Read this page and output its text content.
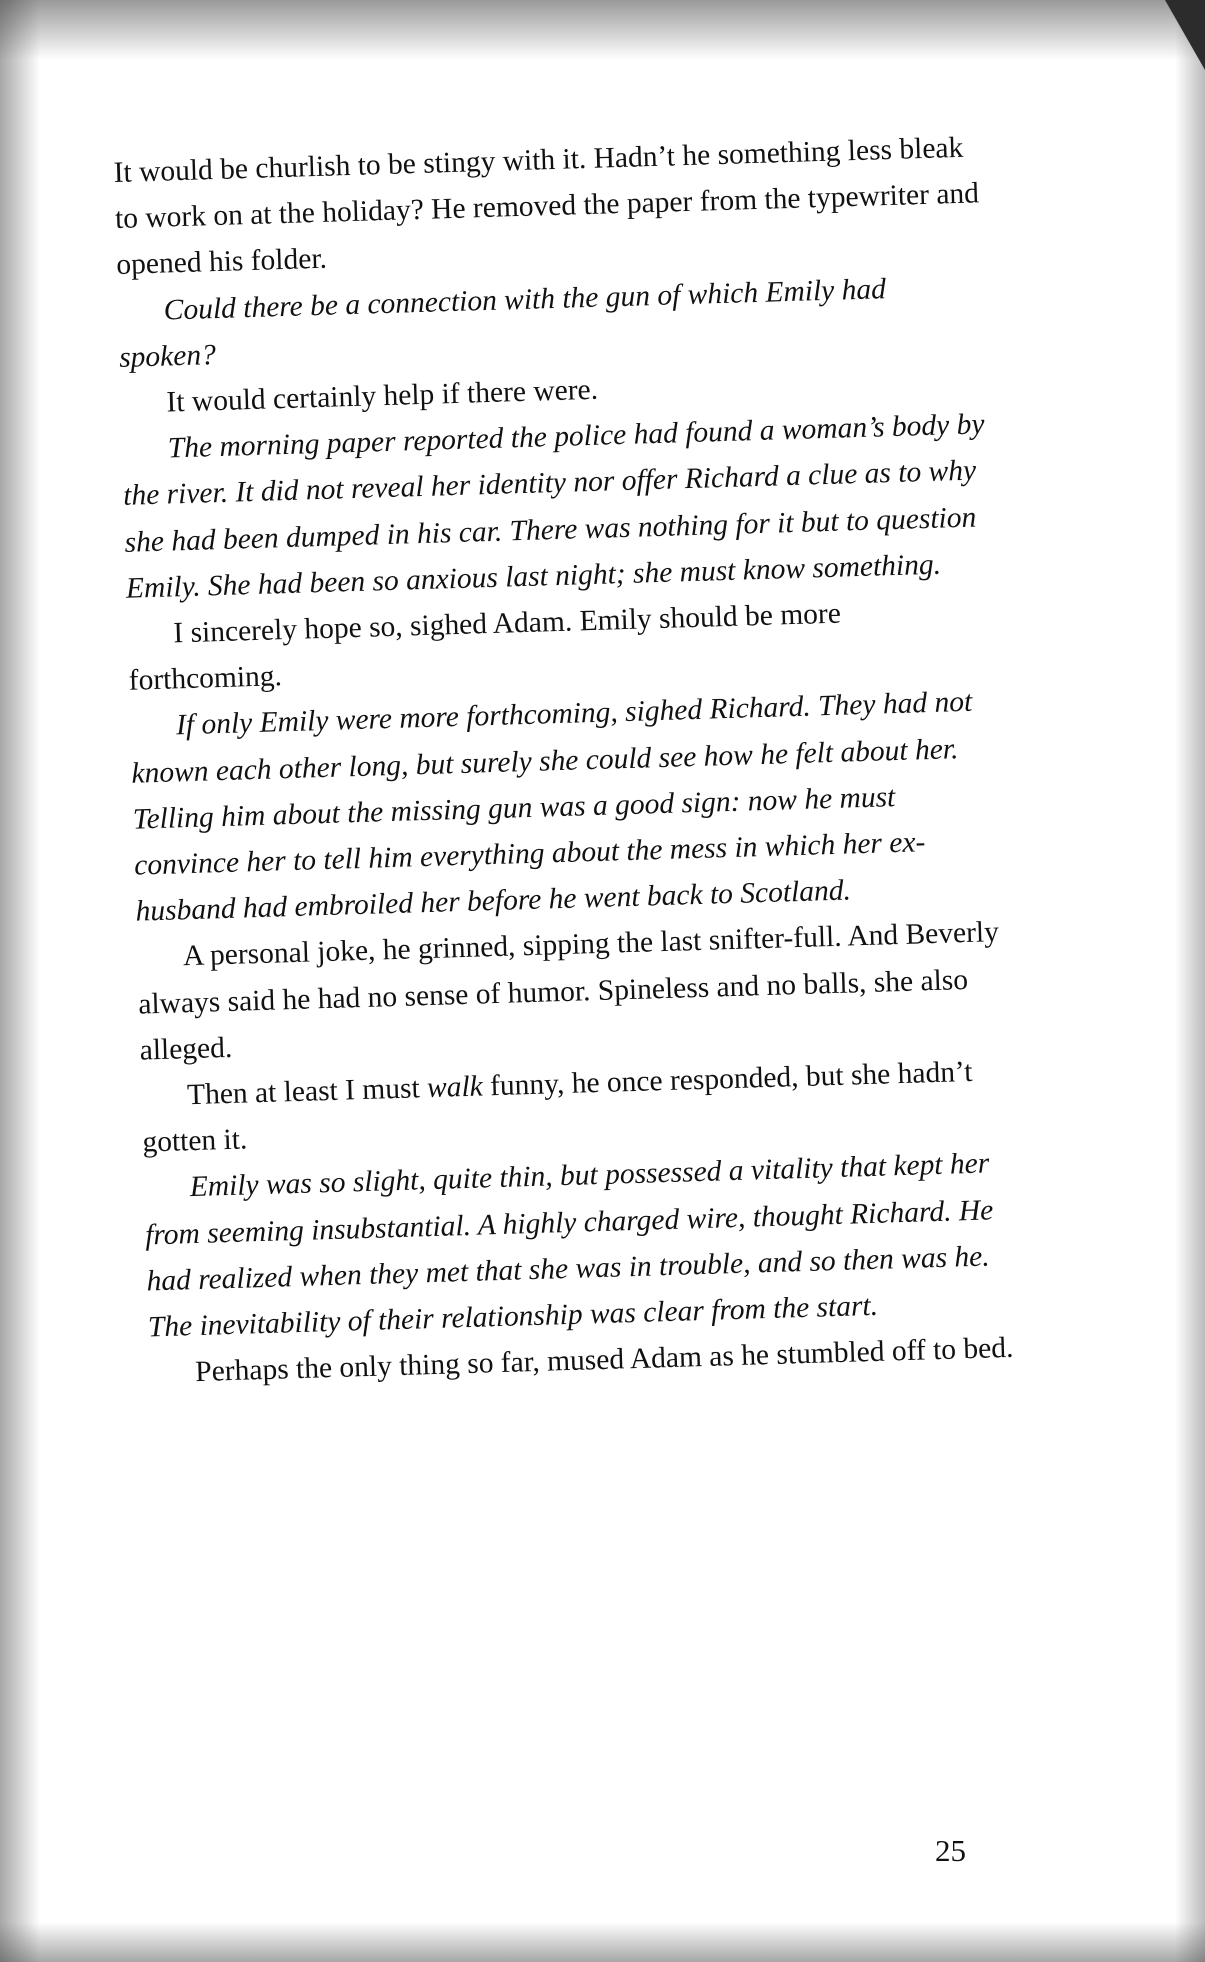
It would be churlish to be stingy with it. Hadn’t he something less bleak to work on at the holiday? He removed the paper from the typewriter and opened his folder.

Could there be a connection with the gun of which Emily had spoken?

It would certainly help if there were.

The morning paper reported the police had found a woman’s body by the river. It did not reveal her identity nor offer Richard a clue as to why she had been dumped in his car. There was nothing for it but to question Emily. She had been so anxious last night; she must know something.

I sincerely hope so, sighed Adam. Emily should be more forthcoming.

If only Emily were more forthcoming, sighed Richard. They had not known each other long, but surely she could see how he felt about her. Telling him about the missing gun was a good sign: now he must convince her to tell him everything about the mess in which her ex-husband had embroiled her before he went back to Scotland.

A personal joke, he grinned, sipping the last snifter-full. And Beverly always said he had no sense of humor. Spineless and no balls, she also alleged.

Then at least I must walk funny, he once responded, but she hadn’t gotten it.

Emily was so slight, quite thin, but possessed a vitality that kept her from seeming insubstantial. A highly charged wire, thought Richard. He had realized when they met that she was in trouble, and so then was he. The inevitability of their relationship was clear from the start.

Perhaps the only thing so far, mused Adam as he stumbled off to bed.

25
